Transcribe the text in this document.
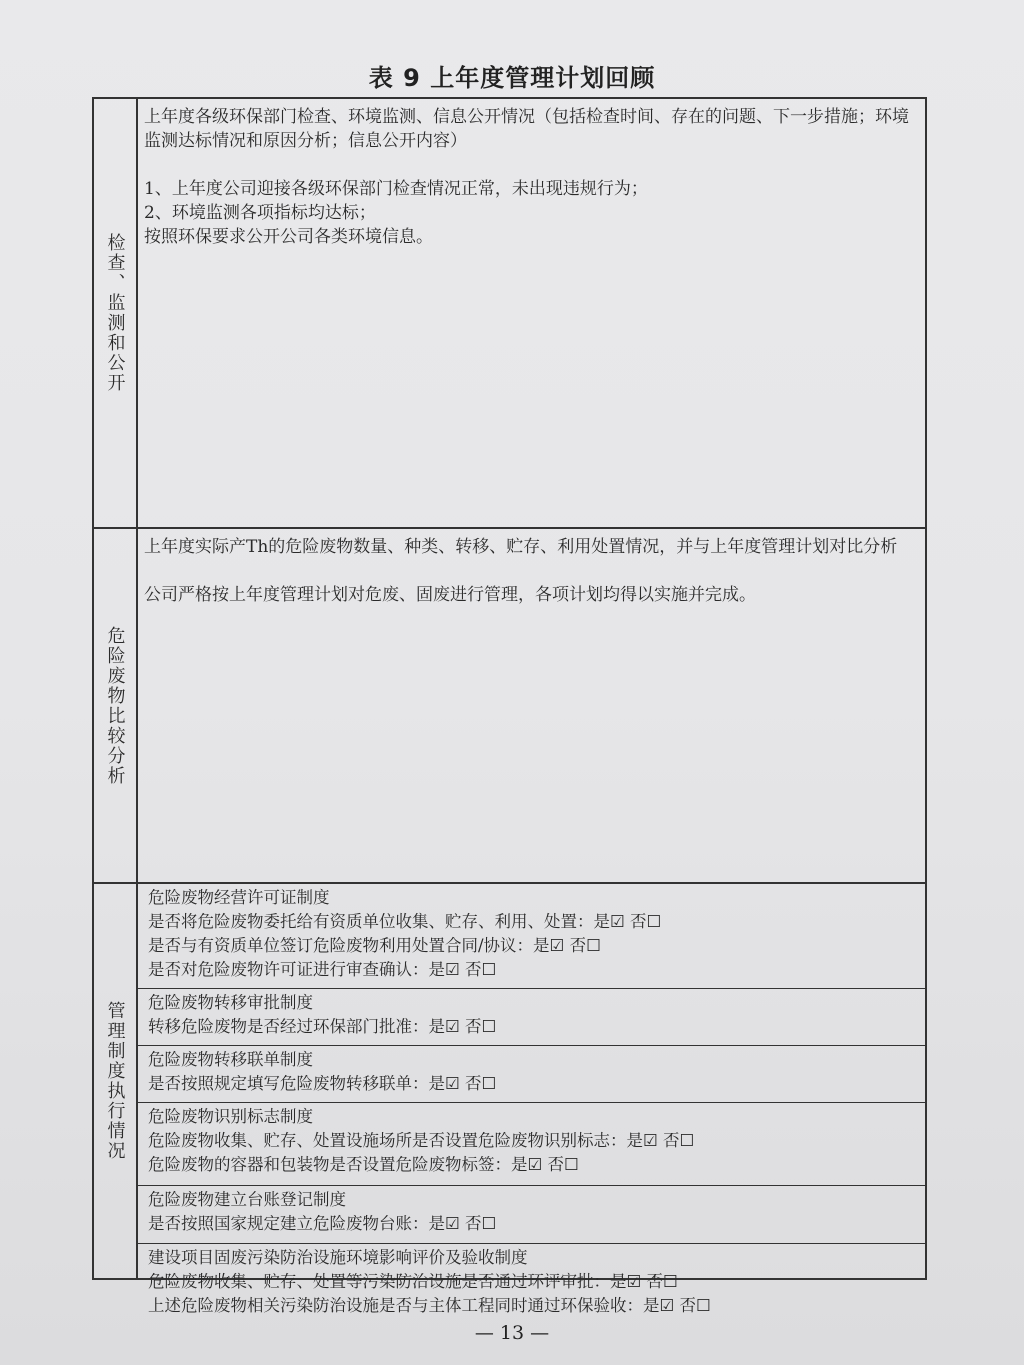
表 9 上年度管理计划回顾
检查、监测和公开

上年度各级环保部门检查、环境监测、信息公开情况（包括检查时间、存在的问题、下一步措施；环境监测达标情况和原因分析；信息公开内容）

1、上年度公司迎接各级环保部门检查情况正常，未出现违规行为；

2、环境监测各项指标均达标；

按照环保要求公开公司各类环境信息。

危险废物比较分析

上年度实际产Th的危险废物数量、种类、转移、贮存、利用处置情况，并与上年度管理计划对比分析

公司严格按上年度管理计划对危废、固废进行管理，各项计划均得以实施并完成。

管理制度执行情况

危险废物经营许可证制度

是否将危险废物委托给有资质单位收集、贮存、利用、处置：是☑ 否☐

是否与有资质单位签订危险废物利用处置合同/协议：是☑ 否☐

是否对危险废物许可证进行审查确认：是☑ 否☐

危险废物转移审批制度

转移危险废物是否经过环保部门批准：是☑ 否☐

危险废物转移联单制度

是否按照规定填写危险废物转移联单：是☑ 否☐

危险废物识别标志制度

危险废物收集、贮存、处置设施场所是否设置危险废物识别标志：是☑ 否☐

危险废物的容器和包装物是否设置危险废物标签：是☑ 否☐

危险废物建立台账登记制度

是否按照国家规定建立危险废物台账：是☑ 否☐

建设项目固废污染防治设施环境影响评价及验收制度

危险废物收集、贮存、处置等污染防治设施是否通过环评审批：是☑ 否☐

上述危险废物相关污染防治设施是否与主体工程同时通过环保验收：是☑ 否☐

— 13 —
